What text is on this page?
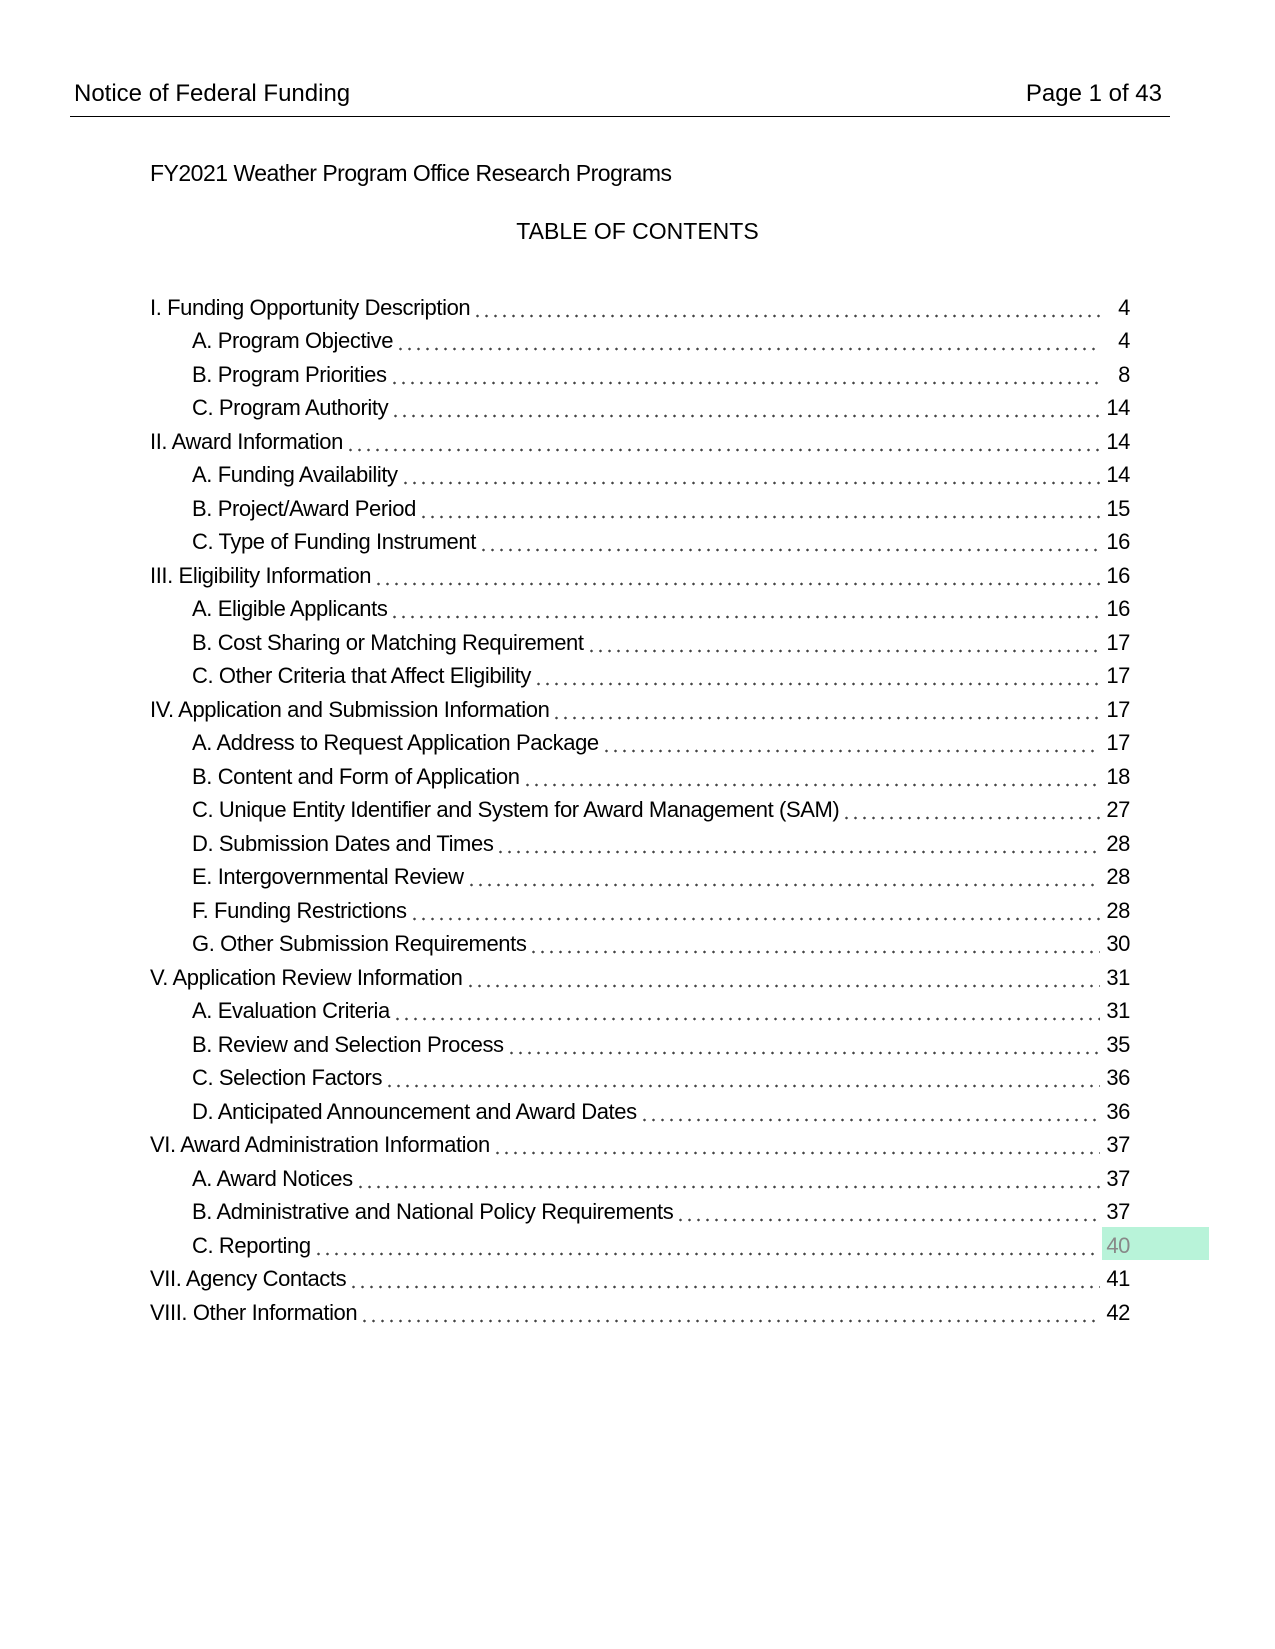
Notice of Federal Funding	Page 1 of 43
FY2021 Weather Program Office Research Programs
TABLE OF CONTENTS
I. Funding Opportunity Description	4
A. Program Objective	4
B. Program Priorities	8
C. Program Authority	14
II. Award Information	14
A. Funding Availability	14
B. Project/Award Period	15
C. Type of Funding Instrument	16
III. Eligibility Information	16
A. Eligible Applicants	16
B. Cost Sharing or Matching Requirement	17
C. Other Criteria that Affect Eligibility	17
IV. Application and Submission Information	17
A. Address to Request Application Package	17
B. Content and Form of Application	18
C. Unique Entity Identifier and System for Award Management (SAM)	27
D. Submission Dates and Times	28
E. Intergovernmental Review	28
F. Funding Restrictions	28
G. Other Submission Requirements	30
V. Application Review Information	31
A. Evaluation Criteria	31
B. Review and Selection Process	35
C. Selection Factors	36
D. Anticipated Announcement and Award Dates	36
VI. Award Administration Information	37
A. Award Notices	37
B. Administrative and National Policy Requirements	37
C. Reporting	40
VII. Agency Contacts	41
VIII. Other Information	42
